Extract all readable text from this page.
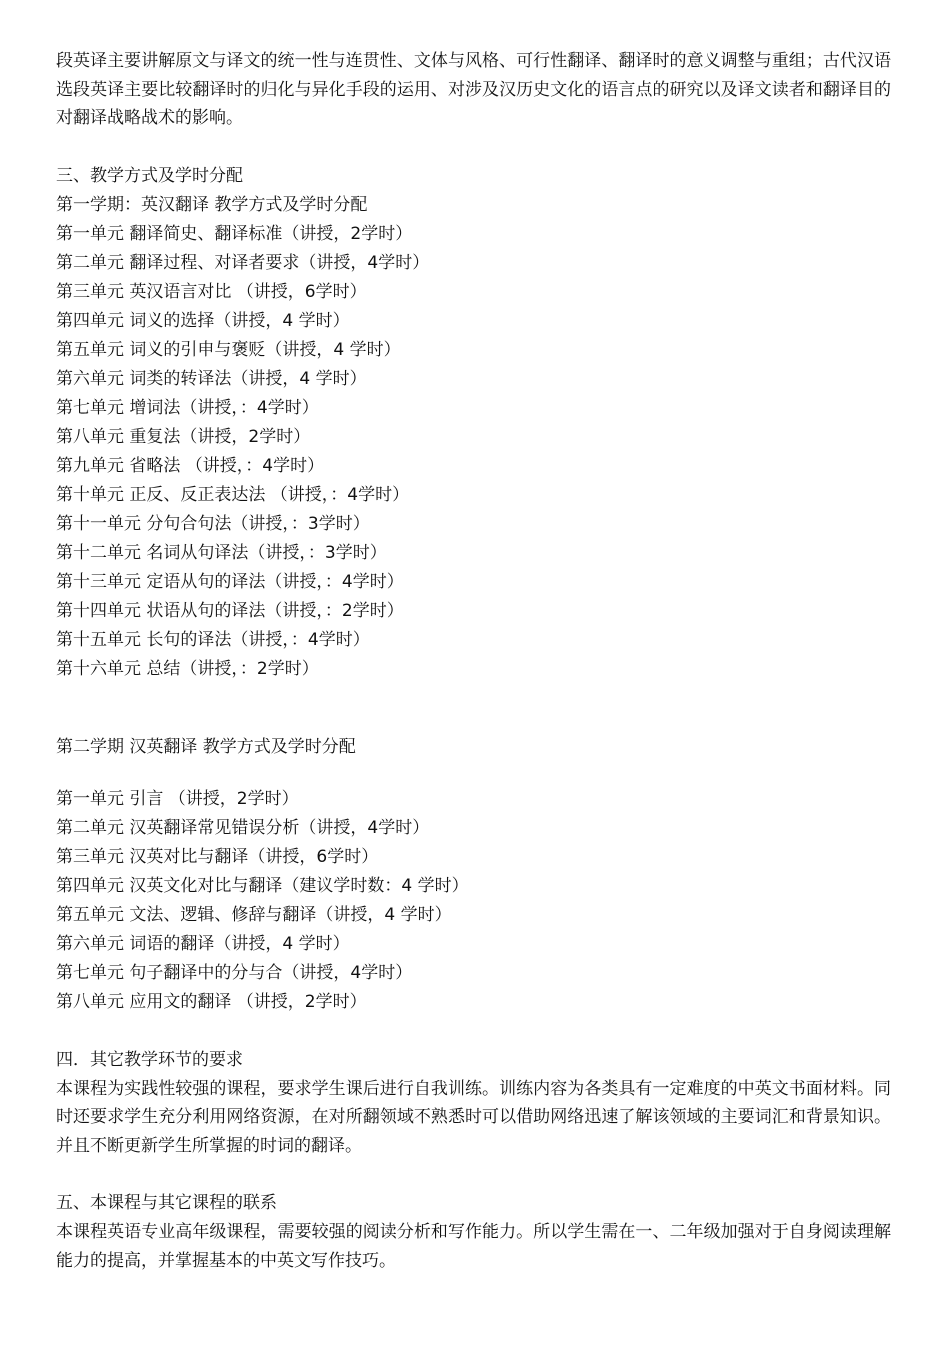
段英译主要讲解原文与译文的统一性与连贯性、文体与风格、可行性翻译、翻译时的意义调整与重组；古代汉语选段英译主要比较翻译时的归化与异化手段的运用、对涉及汉历史文化的语言点的研究以及译文读者和翻译目的对翻译战略战术的影响。

三、教学方式及学时分配
第一学期：英汉翻译 教学方式及学时分配
第一单元 翻译简史、翻译标准（讲授，2学时）
第二单元 翻译过程、对译者要求（讲授，4学时）
第三单元 英汉语言对比 （讲授，6学时）
第四单元 词义的选择（讲授，4 学时）
第五单元 词义的引申与褒贬（讲授，4 学时）
第六单元 词类的转译法（讲授，4 学时）
第七单元 增词法（讲授，：4学时）
第八单元 重复法（讲授，2学时）
第九单元 省略法 （讲授，：4学时）
第十单元 正反、反正表达法 （讲授，：4学时）
第十一单元 分句合句法（讲授，：3学时）
第十二单元 名词从句译法（讲授，：3学时）
第十三单元 定语从句的译法（讲授，：4学时）
第十四单元 状语从句的译法（讲授，：2学时）
第十五单元 长句的译法（讲授，：4学时）
第十六单元 总结（讲授，：2学时）
第二学期 汉英翻译 教学方式及学时分配
第一单元 引言 （讲授，2学时）
第二单元 汉英翻译常见错误分析（讲授，4学时）
第三单元 汉英对比与翻译（讲授，6学时）
第四单元 汉英文化对比与翻译（建议学时数：4 学时）
第五单元 文法、逻辑、修辞与翻译（讲授，4 学时）
第六单元 词语的翻译（讲授，4 学时）
第七单元 句子翻译中的分与合（讲授，4学时）
第八单元 应用文的翻译 （讲授，2学时）
四．其它教学环节的要求

本课程为实践性较强的课程，要求学生课后进行自我训练。训练内容为各类具有一定难度的中英文书面材料。同时还要求学生充分利用网络资源，在对所翻领域不熟悉时可以借助网络迅速了解该领域的主要词汇和背景知识。并且不断更新学生所掌握的时词的翻译。

五、本课程与其它课程的联系

本课程英语专业高年级课程，需要较强的阅读分析和写作能力。所以学生需在一、二年级加强对于自身阅读理解能力的提高，并掌握基本的中英文写作技巧。
